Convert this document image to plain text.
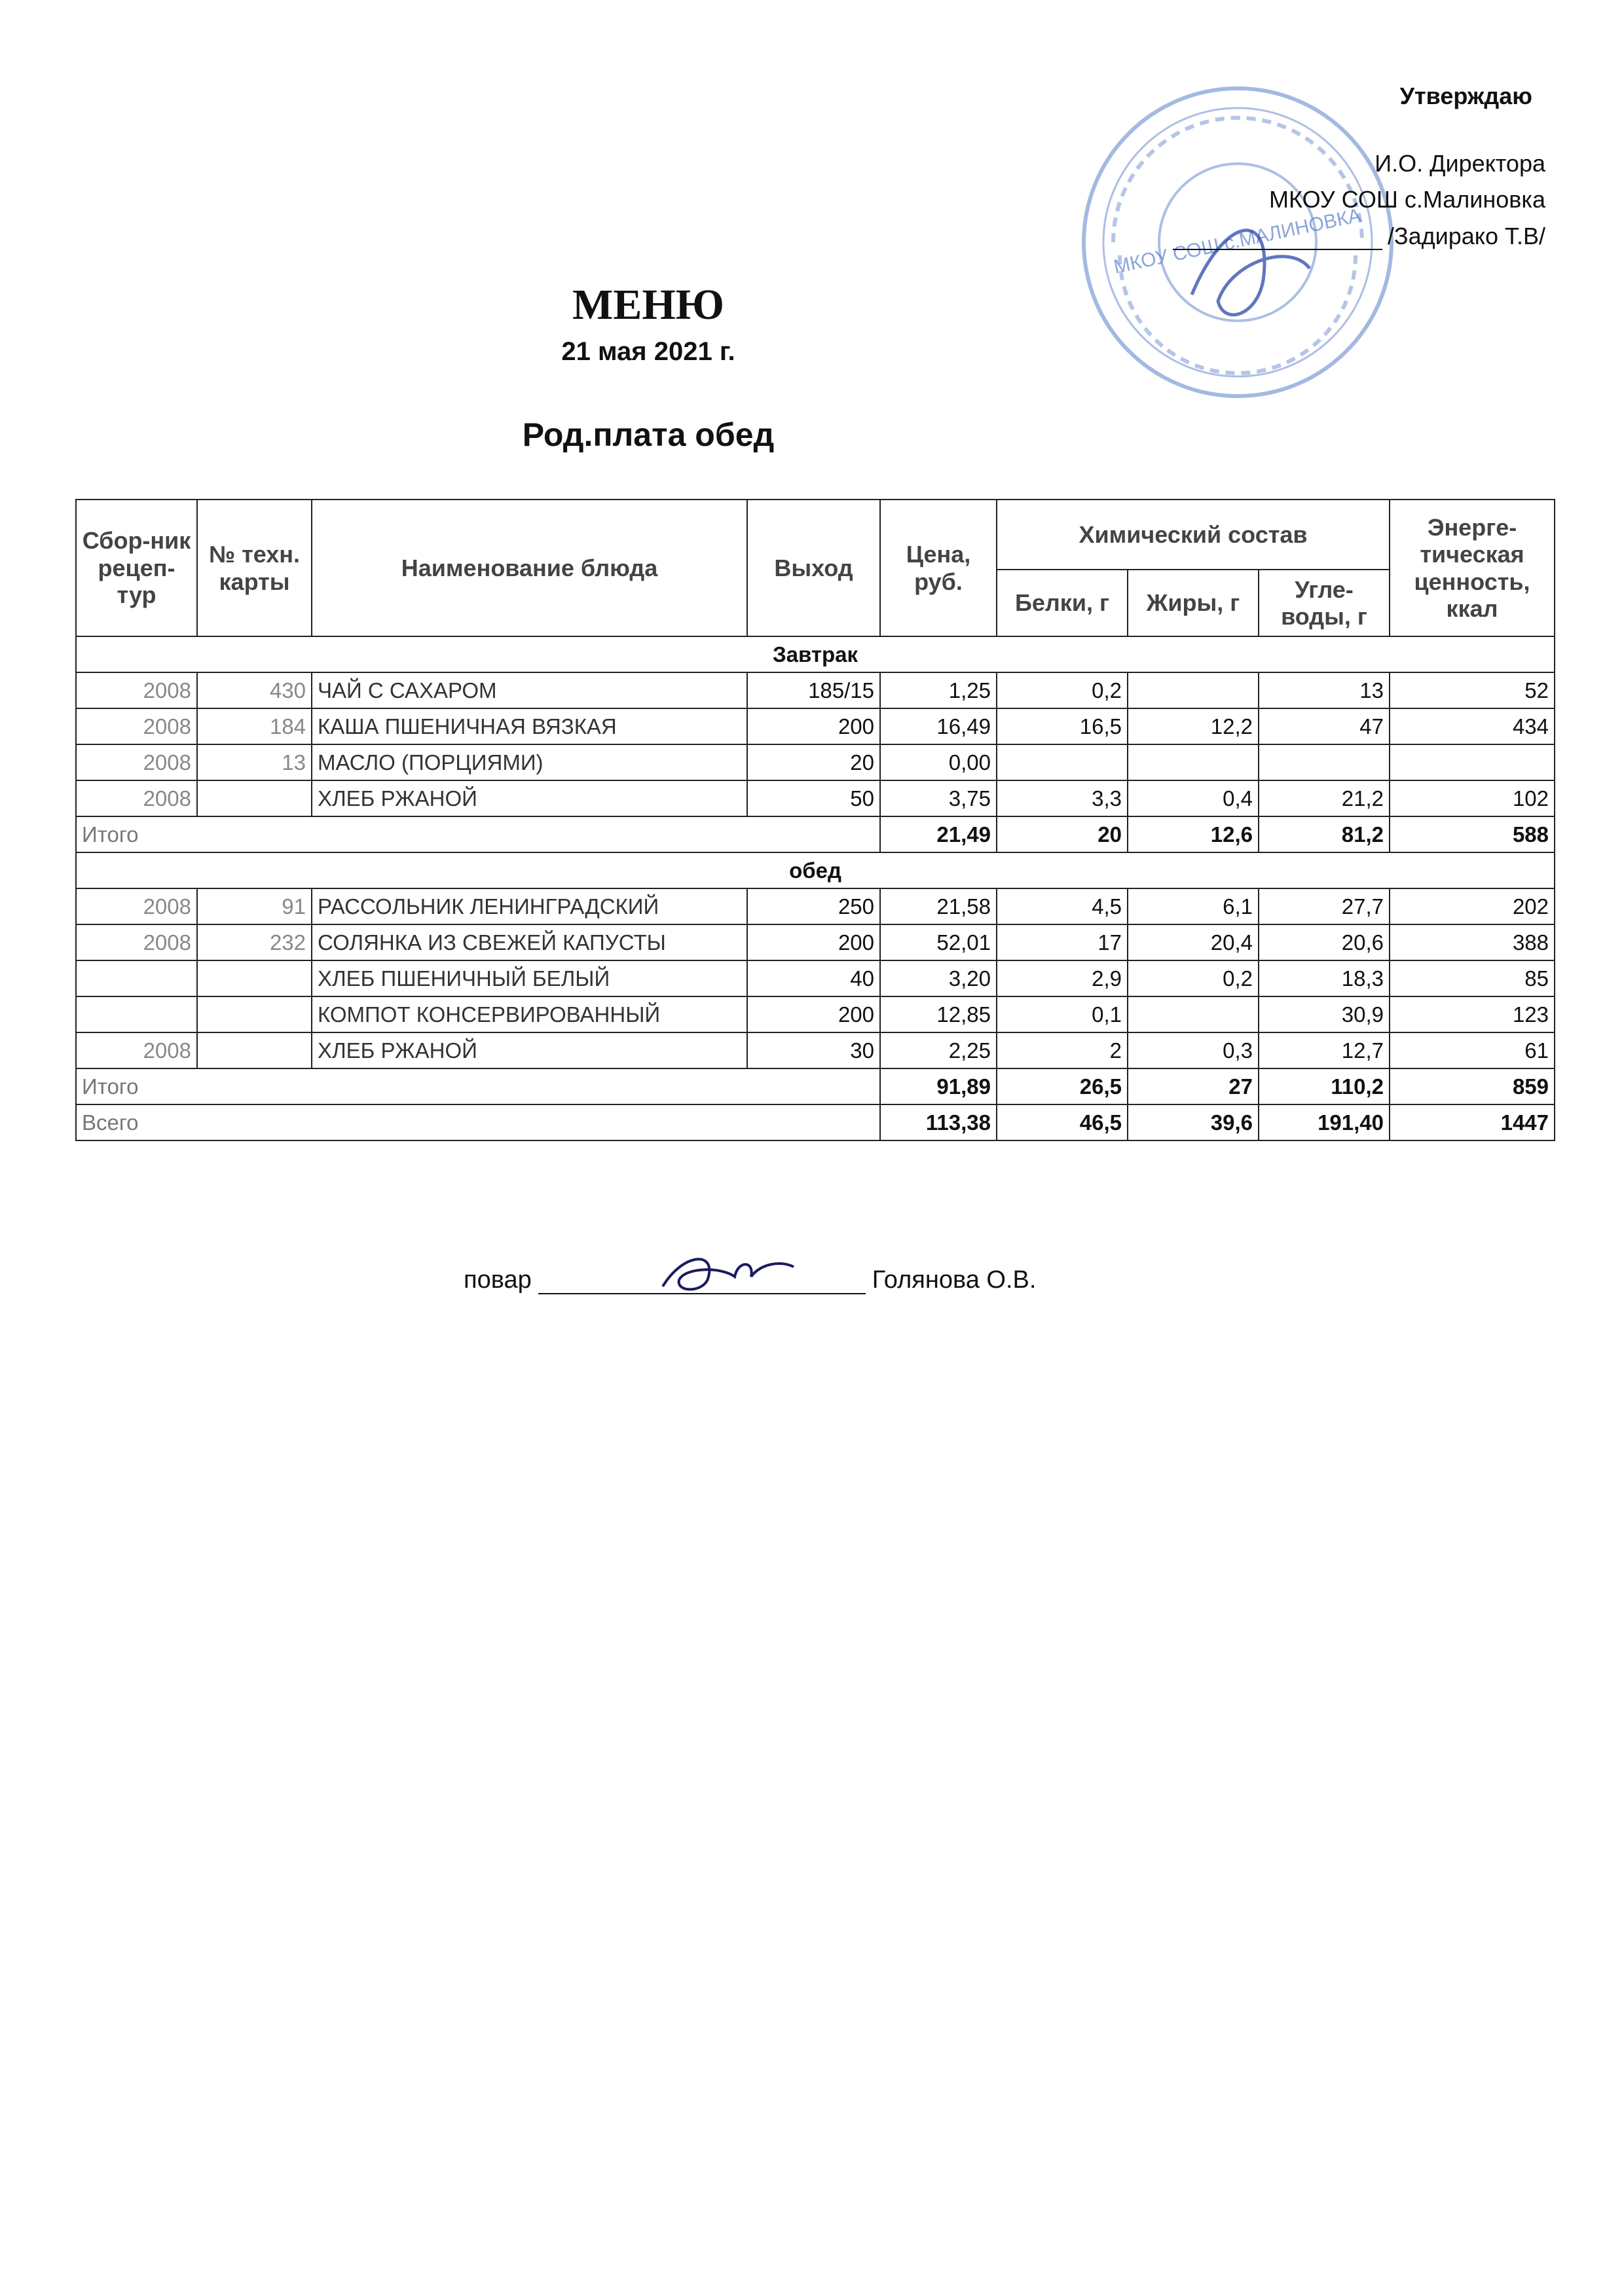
МКОУ СОШ с.МАЛИНОВКА
Утверждаю
И.О. Директора
МКОУ СОШ с.Малиновка
/Задирако Т.В/
МЕНЮ
21 мая 2021 г.
Род.плата обед
Сбор-ник рецеп-тур	№ техн. карты	Наименование блюда	Выход	Цена, руб.	Химический состав			Энерге-тическая ценность, ккал
					Белки, г	Жиры, г	Угле-воды, г	
Завтрак								
2008	430	ЧАЙ С САХАРОМ	185/15	1,25	0,2		13	52
2008	184	КАША ПШЕНИЧНАЯ ВЯЗКАЯ	200	16,49	16,5	12,2	47	434
2008	13	МАСЛО (ПОРЦИЯМИ)	20	0,00				
2008		ХЛЕБ РЖАНОЙ	50	3,75	3,3	0,4	21,2	102
Итого				21,49	20	12,6	81,2	588
обед								
2008	91	РАССОЛЬНИК ЛЕНИНГРАДСКИЙ	250	21,58	4,5	6,1	27,7	202
2008	232	СОЛЯНКА ИЗ СВЕЖЕЙ КАПУСТЫ	200	52,01	17	20,4	20,6	388
		ХЛЕБ ПШЕНИЧНЫЙ БЕЛЫЙ	40	3,20	2,9	0,2	18,3	85
		КОМПОТ КОНСЕРВИРОВАННЫЙ	200	12,85	0,1		30,9	123
2008		ХЛЕБ РЖАНОЙ	30	2,25	2	0,3	12,7	61
Итого				91,89	26,5	27	110,2	859
Всего				113,38	46,5	39,6	191,40	1447
повар	Голянова О.В.
